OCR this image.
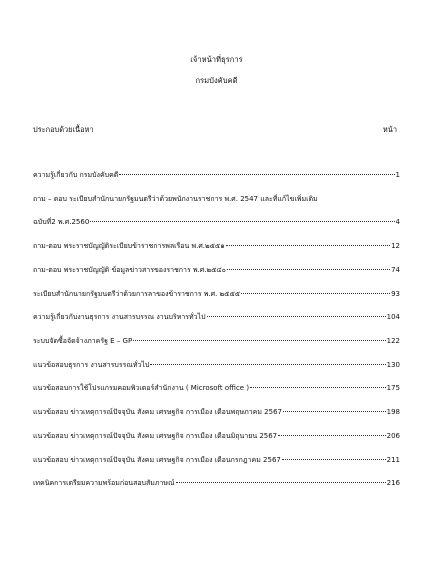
เจ้าหน้าที่ธุรการ
กรมบังคับคดี
ประกอบด้วยเนื้อหา	หน้า
ความรู้เกี่ยวกับ กรมบังคับคดี	1
ถาม – ตอบ ระเบียบสำนักนายกรัฐมนตรีว่าด้วยพนักงานราชการ พ.ศ. 2547 และที่แก้ไขเพิ่มเติม
ฉบับที่2 พ.ศ.2560	4
ถาม-ตอบ พระราชบัญญัติระเบียบข้าราชการพลเรือน พ.ศ.๒๕๕๑	12
ถาม-ตอบ พระราชบัญญัติ ข้อมูลข่าวสารของราชการ พ.ศ.๒๕๔๐	74
ระเบียบสำนักนายกรัฐมนตรีว่าด้วยการลาของข้าราชการ พ.ศ. ๒๕๕๕	93
ความรู้เกี่ยวกับงานธุรการ งานสารบรรณ งานบริหารทั่วไป	104
ระบบจัดซื้อจัดจ้างภาครัฐ E – GP	122
แนวข้อสอบธุรการ งานสารบรรณทั่วไป	130
แนวข้อสอบการใช้โปรแกรมคอมพิวเตอร์สำนักงาน ( Microsoft office )	175
แนวข้อสอบ ข่าวเหตุการณ์ปัจจุบัน สังคม เศรษฐกิจ การเมือง เดือนพฤษภาคม 2567	198
แนวข้อสอบ ข่าวเหตุการณ์ปัจจุบัน สังคม เศรษฐกิจ การเมือง เดือนมิถุนายน 2567	206
แนวข้อสอบ ข่าวเหตุการณ์ปัจจุบัน สังคม เศรษฐกิจ การเมือง เดือนกรกฎาคม 2567	211
เทคนิคการเตรียมความพร้อมก่อนสอบสัมภาษณ์	216
